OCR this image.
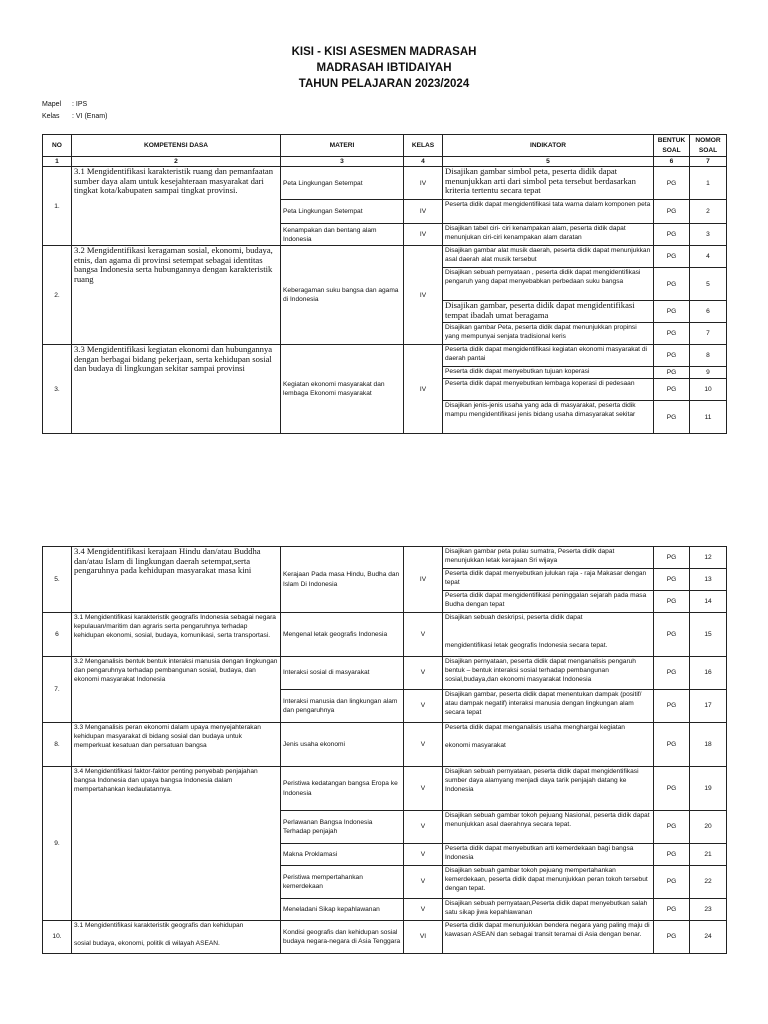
KISI - KISI ASESMEN MADRASAH
MADRASAH IBTIDAIYAH
TAHUN PELAJARAN 2023/2024
Mapel : IPS
Kelas : VI (Enam)
NO	KOMPETENSI DASA	MATERI	KELAS	INDIKATOR	BENTUK SOAL	NOMOR SOAL
1	2	3	4	5	6	7
1.	3.1 Mengidentifikasi karakteristik ruang dan pemanfaatan sumber daya alam untuk kesejahteraan masyarakat dari tingkat kota/kabupaten sampai tingkat provinsi.	Peta Lingkungan Setempat	IV	Disajikan gambar simbol peta, peserta didik dapat menunjukkan arti dari simbol peta tersebut berdasarkan kriteria tertentu secara tepat	PG	1
		Peta Lingkungan Setempat	IV	Peserta didik dapat mengidentifikasi tata warna dalam komponen peta	PG	2
		Kenampakan dan bentang alam Indonesia	IV	Disajikan tabel ciri- ciri kenampakan alam, peserta didik dapat menunjukan ciri-ciri kenampakan alam daratan	PG	3
2.	3.2 Mengidentifikasi keragaman sosial, ekonomi, budaya, etnis, dan agama di provinsi setempat sebagai identitas bangsa Indonesia serta hubungannya dengan karakteristik ruang	Keberagaman suku bangsa dan agama di Indonesia	IV	Disajikan gambar alat musik daerah, peserta didik dapat menunjukkan asal daerah alat musik tersebut	PG	4
				Disajikan sebuah pernyataan , peserta didik dapat mengidentifikasi pengaruh yang dapat menyebabkan perbedaan suku bangsa	PG	5
				Disajikan gambar, peserta didik dapat mengidentifikasi tempat ibadah umat beragama	PG	6
				Disajikan gambar Peta, peserta didik dapat menunjukkan propinsi yang mempunyai senjata tradisional keris	PG	7
3.	3.3 Mengidentifikasi kegiatan ekonomi dan hubungannya dengan berbagai bidang pekerjaan, serta kehidupan sosial dan budaya di lingkungan sekitar sampai provinsi	Kegiatan ekonomi masyarakat dan lembaga Ekonomi masyarakat	IV	Peserta didik dapat mengidentifikasi kegiatan ekonomi masyarakat di daerah pantai	PG	8
				Peserta didik dapat menyebutkan tujuan koperasi	PG	9
				Peserta didik dapat menyebutkan lembaga koperasi di pedesaan	PG	10
				Disajikan jenis-jenis usaha yang ada di masyarakat, peserta didik mampu mengidentifikasi jenis bidang usaha dimasyarakat sekitar	PG	11
5.	3.4 Mengidentifikasi kerajaan Hindu dan/atau Buddha dan/atau Islam di lingkungan daerah setempat,serta pengaruhnya pada kehidupan masyarakat masa kini	Kerajaan Pada masa Hindu, Budha dan Islam Di Indonesia	IV	Disajikan gambar peta pulau sumatra, Peserta didik dapat menunjukkan letak kerajaan Sri wijaya	PG	12
				Peserta didik dapat menyebutkan julukan raja - raja Makasar dengan tepat	PG	13
				Peserta didik dapat mengidentifikasi peninggalan sejarah pada masa Budha dengan tepat	PG	14
6	3.1 Mengidentifikasi karakteristik geografis Indonesia sebagai negara kepulauan/maritim dan agraris serta pengaruhnya terhadap kehidupan ekonomi, sosial, budaya, komunikasi, serta transportasi.	Mengenal letak geografis Indonesia	V	Disajikan sebuah deskripsi, peserta didik dapat

mengidentifikasi letak geografis Indonesia secara tepat.	PG	15
7.	3.2 Menganalisis bentuk bentuk interaksi manusia dengan lingkungan dan pengaruhnya terhadap pembangunan sosial, budaya, dan ekonomi masyarakat Indonesia	Interaksi sosial di masyarakat	V	Disajikan pernyataan, peserta didik dapat menganalisis pengaruh bentuk – bentuk interaksi sosial terhadap pembangunan sosial,budaya,dan ekonomi masyarakat Indonesia	PG	16
		Interaksi manusia dan lingkungan alam dan pengaruhnya	V	Disajikan gambar, peserta didik dapat menentukan dampak (positif/ atau dampak negatif) interaksi manusia dengan lingkungan alam secara tepat	PG	17
8.	3.3 Menganalisis peran ekonomi dalam upaya menyejahterakan kehidupan masyarakat di bidang sosial dan budaya untuk memperkuat kesatuan dan persatuan bangsa	Jenis usaha ekonomi	V	Peserta didik dapat menganalisis usaha menghargai kegiatan

ekonomi masyarakat	PG	18
9.	3.4 Mengidentifikasi faktor-faktor penting penyebab penjajahan bangsa Indonesia dan upaya bangsa Indonesia dalam mempertahankan kedaulatannya.	Peristiwa kedatangan bangsa Eropa ke Indonesia	V	Disajikan sebuah pernyataan, peserta didik dapat mengidentifikasi sumber daya alamyang menjadi daya tarik penjajah datang ke Indonesia	PG	19
		Perlawanan Bangsa Indonesia Terhadap penjajah	V	Disajikan sebuah gambar tokoh pejuang Nasional, peserta didik dapat menunjukkan asal daerahnya secara tepat.	PG	20
		Makna Proklamasi	V	Peserta didik dapat menyebutkan arti kemerdekaan bagi bangsa Indonesia	PG	21
		Peristiwa mempertahankan kemerdekaan	V	Disajikan sebuah gambar tokoh pejuang mempertahankan kemerdekaan, peserta didik dapat menunjukkan peran tokoh tersebut dengan tepat.	PG	22
		Meneladani Sikap kepahlawanan	V	Disajikan sebuah pernyataan,Peserta didik dapat menyebutkan salah satu sikap jiwa kepahlawanan	PG	23
10.	3.1 Mengidentifikasi karakteristik geografis dan kehidupan

sosial budaya, ekonomi, politik di wilayah ASEAN.	Kondisi geografis dan kehidupan sosial budaya negara-negara di Asia Tenggara	VI	Peserta didik dapat menunjukkan bendera negara yang paling maju di kawasan ASEAN dan sebagai transit teramai di Asia dengan benar.	PG	24
